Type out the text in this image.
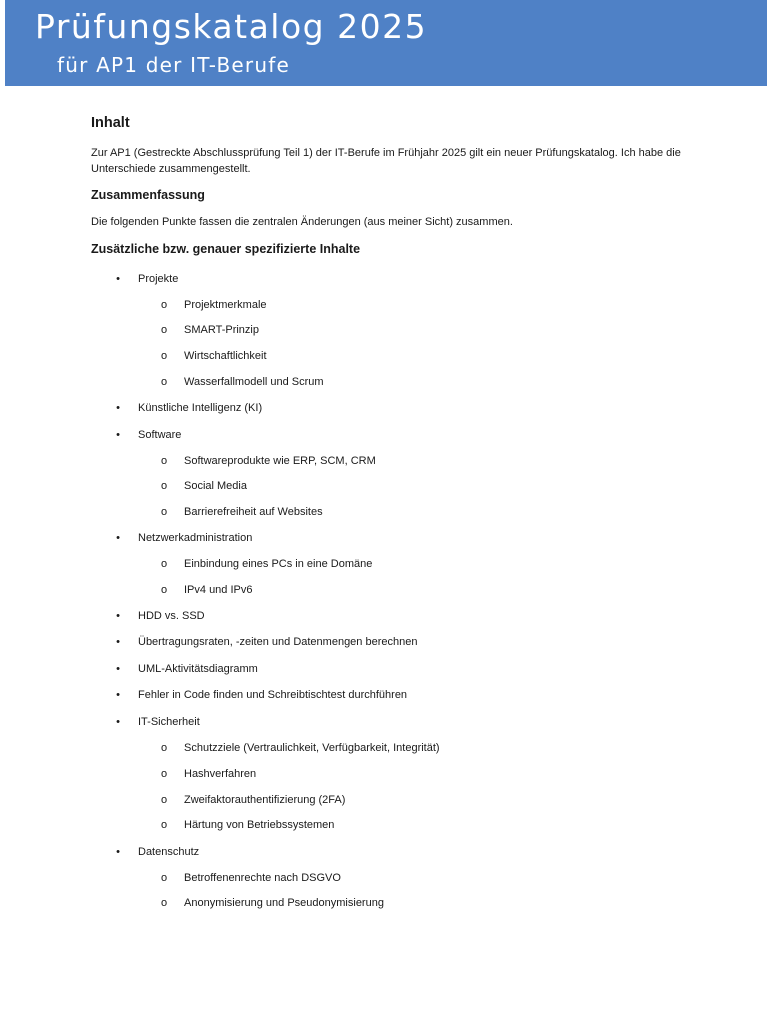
Prüfungskatalog 2025
für AP1 der IT-Berufe
Inhalt

Zur AP1 (Gestreckte Abschlussprüfung Teil 1) der IT-Berufe im Frühjahr 2025 gilt ein neuer Prüfungskatalog. Ich habe die Unterschiede zusammengestellt.

Zusammenfassung

Die folgenden Punkte fassen die zentralen Änderungen (aus meiner Sicht) zusammen.

Zusätzliche bzw. genauer spezifizierte Inhalte
• Projekte
o Projektmerkmale
o SMART-Prinzip
o Wirtschaftlichkeit
o Wasserfallmodell und Scrum
• Künstliche Intelligenz (KI)
• Software
o Softwareprodukte wie ERP, SCM, CRM
o Social Media
o Barrierefreiheit auf Websites
• Netzwerkadministration
o Einbindung eines PCs in eine Domäne
o IPv4 und IPv6
• HDD vs. SSD
• Übertragungsraten, -zeiten und Datenmengen berechnen
• UML-Aktivitätsdiagramm
• Fehler in Code finden und Schreibtischtest durchführen
• IT-Sicherheit
o Schutzziele (Vertraulichkeit, Verfügbarkeit, Integrität)
o Hashverfahren
o Zweifaktorauthentifizierung (2FA)
o Härtung von Betriebssystemen
• Datenschutz
o Betroffenenrechte nach DSGVO
o Anonymisierung und Pseudonymisierung
